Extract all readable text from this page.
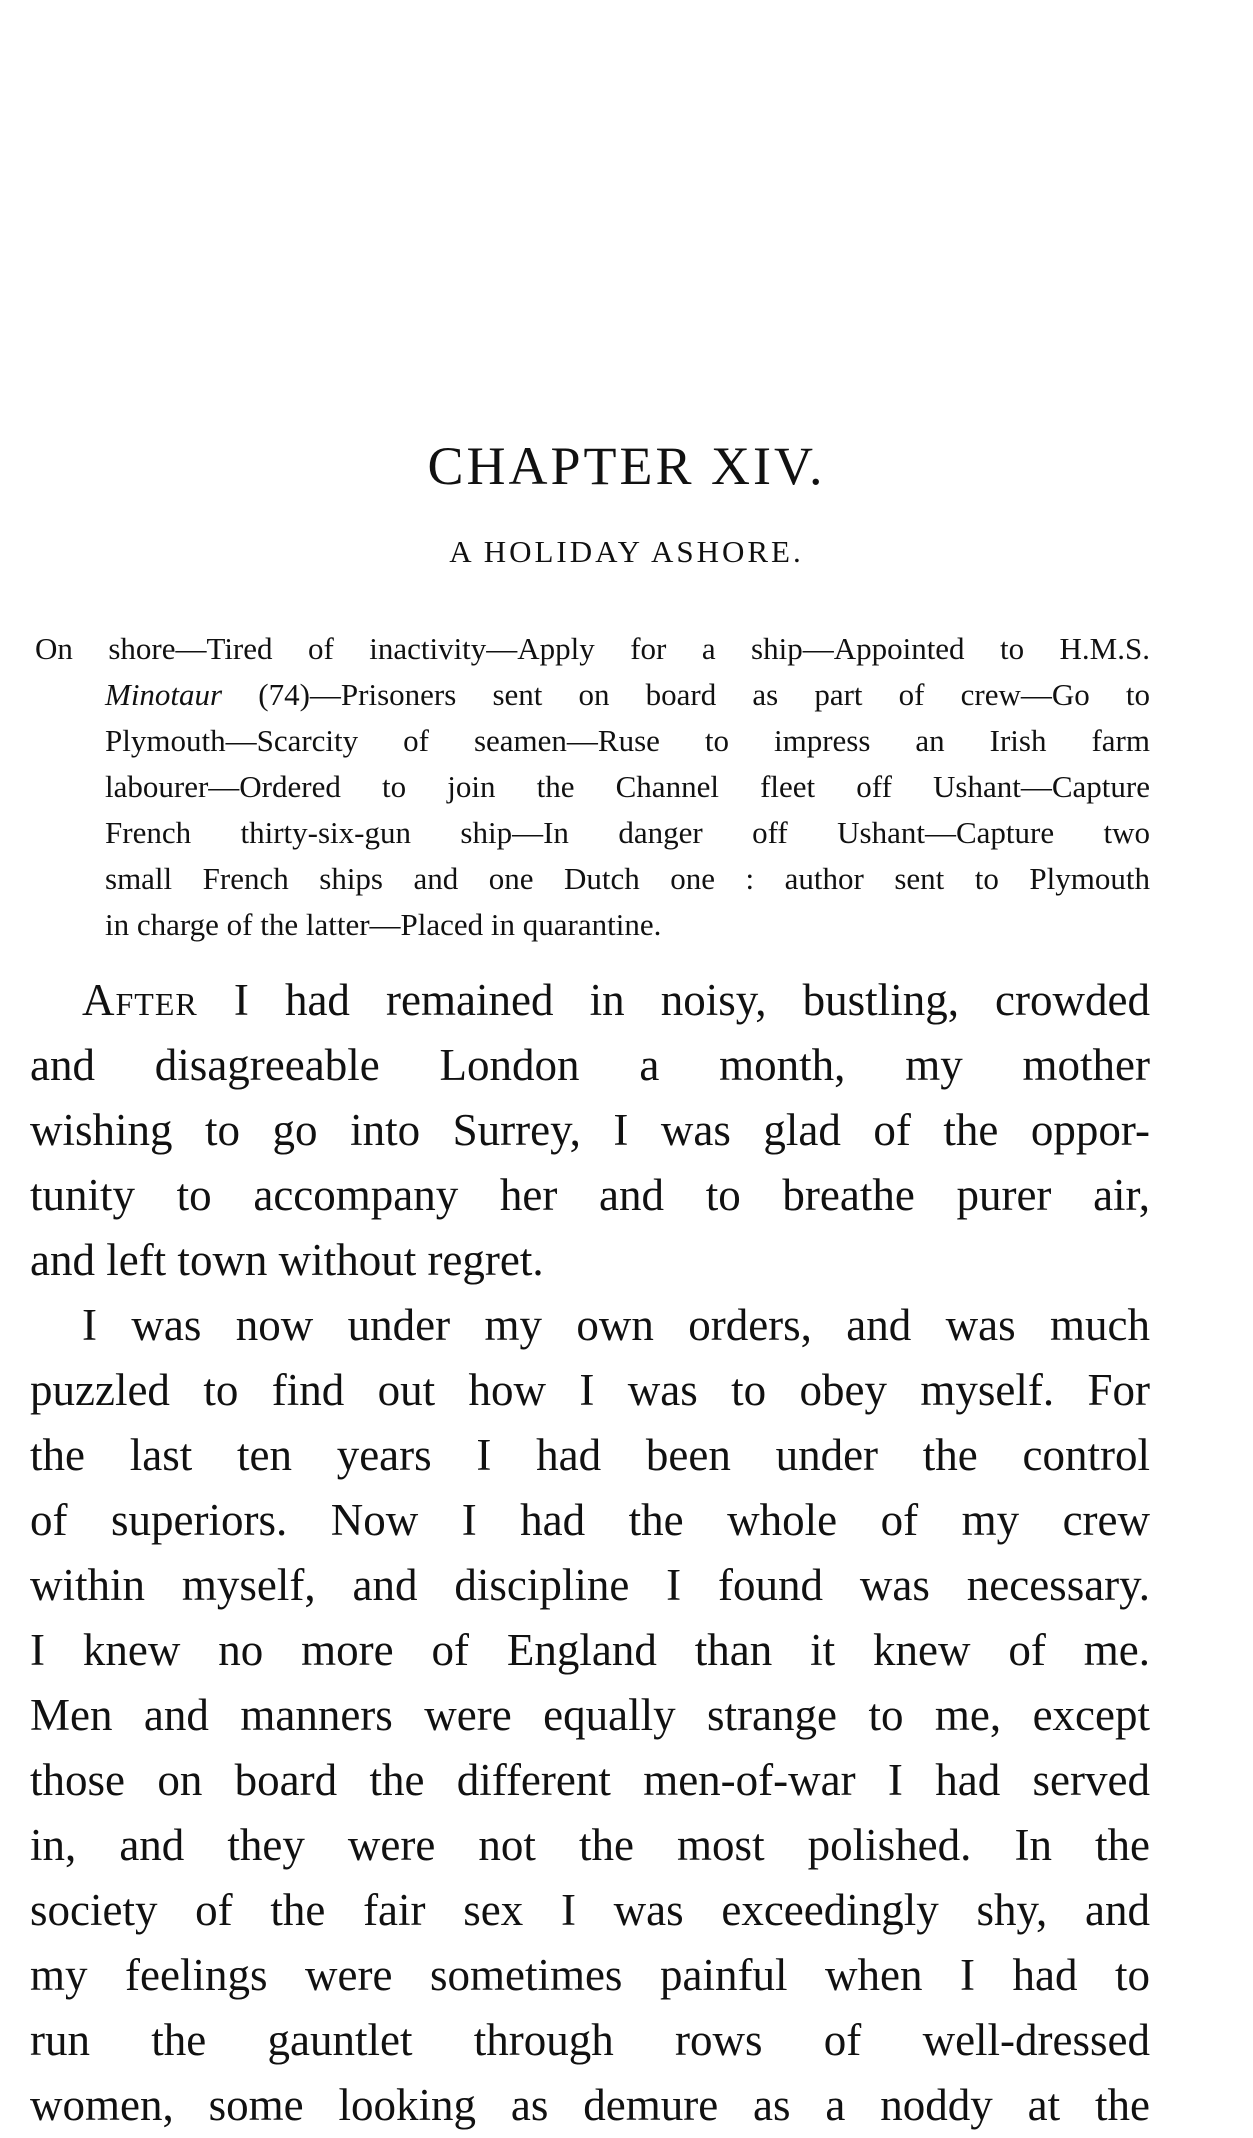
CHAPTER XIV.
A HOLIDAY ASHORE.
On shore—Tired of inactivity—Apply for a ship—Appointed to H.M.S.
Minotaur (74)—Prisoners sent on board as part of crew—Go to
Plymouth—Scarcity of seamen—Ruse to impress an Irish farm
labourer—Ordered to join the Channel fleet off Ushant—Capture
French thirty-six-gun ship—In danger off Ushant—Capture two
small French ships and one Dutch one : author sent to Plymouth
in charge of the latter—Placed in quarantine.
After I had remained in noisy, bustling, crowded
and disagreeable London a month, my mother
wishing to go into Surrey, I was glad of the oppor-
tunity to accompany her and to breathe purer air,
and left town without regret.
I was now under my own orders, and was much
puzzled to find out how I was to obey myself. For
the last ten years I had been under the control
of superiors. Now I had the whole of my crew
within myself, and discipline I found was necessary.
I knew no more of England than it knew of me.
Men and manners were equally strange to me, except
those on board the different men-of-war I had served
in, and they were not the most polished. In the
society of the fair sex I was exceedingly shy, and
my feelings were sometimes painful when I had to
run the gauntlet through rows of well-dressed
women, some looking as demure as a noddy at the
